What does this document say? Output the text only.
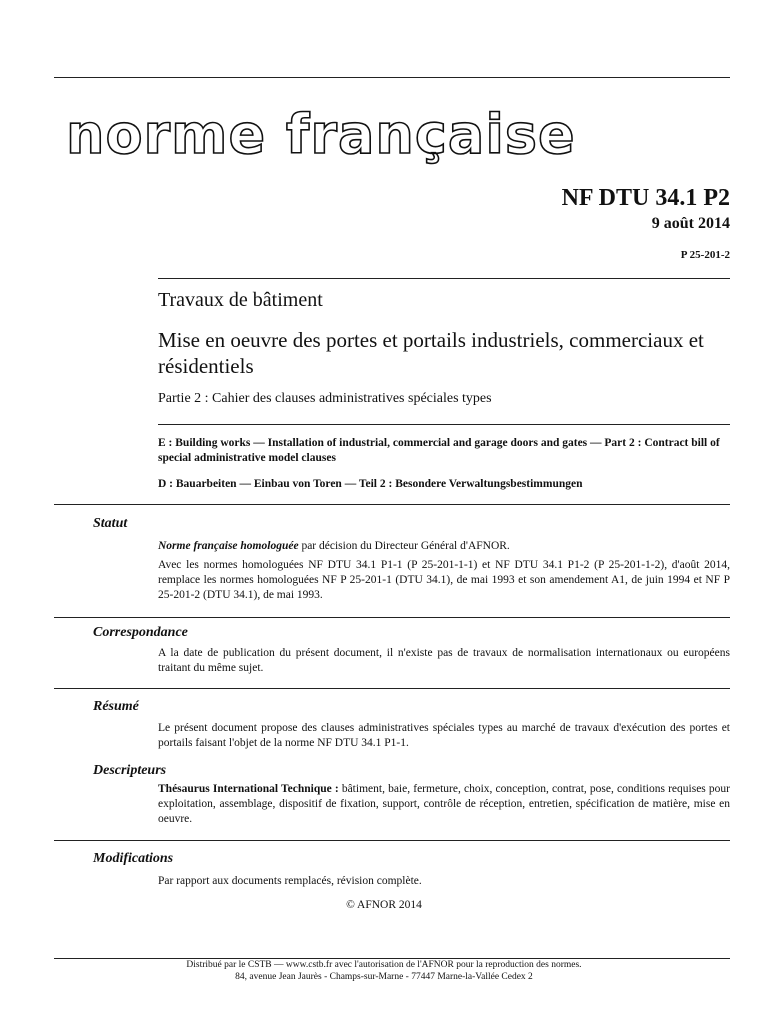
norme française
NF DTU 34.1 P2
9 août 2014
P 25-201-2
Travaux de bâtiment
Mise en oeuvre des portes et portails industriels, commerciaux et résidentiels
Partie 2 : Cahier des clauses administratives spéciales types
E : Building works — Installation of industrial, commercial and garage doors and gates — Part 2 : Contract bill of special administrative model clauses
D : Bauarbeiten — Einbau von Toren — Teil 2 : Besondere Verwaltungsbestimmungen
Statut

Norme française homologuée par décision du Directeur Général d'AFNOR.

Avec les normes homologuées NF DTU 34.1 P1-1 (P 25-201-1-1) et NF DTU 34.1 P1-2 (P 25-201-1-2), d'août 2014, remplace les normes homologuées NF P 25-201-1 (DTU 34.1), de mai 1993 et son amendement A1, de juin 1994 et NF P 25-201-2 (DTU 34.1), de mai 1993.

Correspondance
A la date de publication du présent document, il n'existe pas de travaux de normalisation internationaux ou européens traitant du même sujet.
Résumé
Le présent document propose des clauses administratives spéciales types au marché de travaux d'exécution des portes et portails faisant l'objet de la norme NF DTU 34.1 P1-1.
Descripteurs
Thésaurus International Technique : bâtiment, baie, fermeture, choix, conception, contrat, pose, conditions requises pour exploitation, assemblage, dispositif de fixation, support, contrôle de réception, entretien, spécification de matière, mise en oeuvre.
Modifications
Par rapport aux documents remplacés, révision complète.
© AFNOR 2014
Distribué par le CSTB — www.cstb.fr avec l'autorisation de l'AFNOR pour la reproduction des normes.
84, avenue Jean Jaurès - Champs-sur-Marne - 77447 Marne-la-Vallée Cedex 2
